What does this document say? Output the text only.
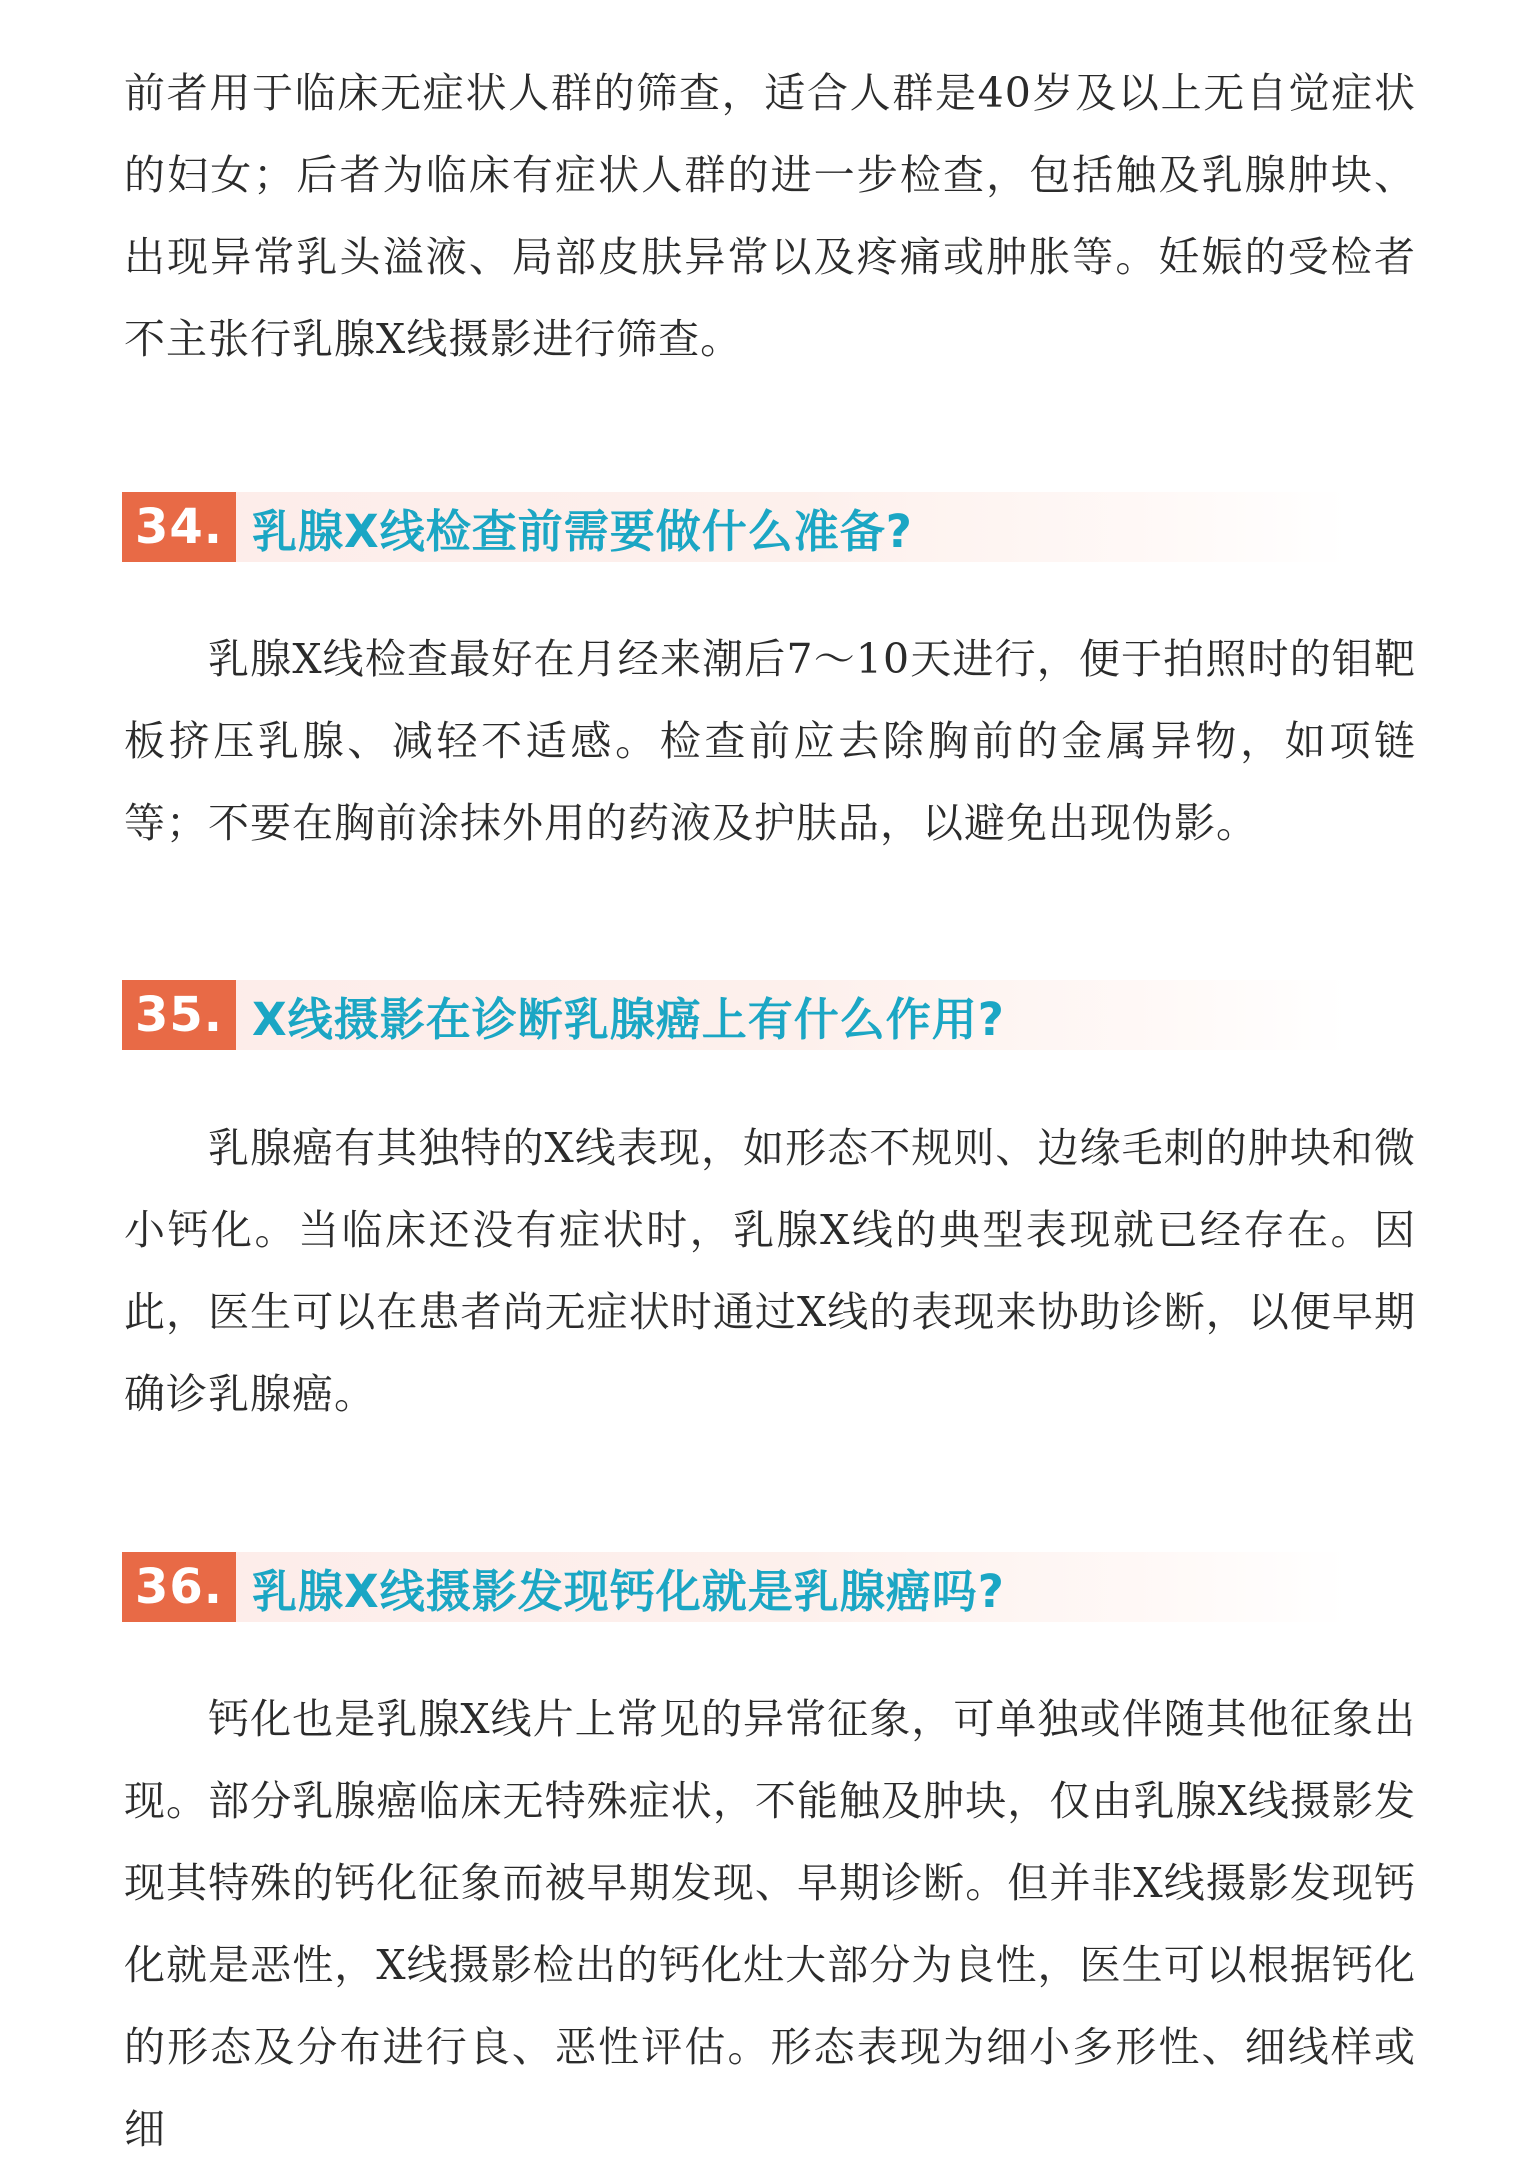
前者用于临床无症状人群的筛查，适合人群是40岁及以上无自觉症状的妇女；后者为临床有症状人群的进一步检查，包括触及乳腺肿块、出现异常乳头溢液、局部皮肤异常以及疼痛或肿胀等。妊娠的受检者不主张行乳腺X线摄影进行筛查。

34. 乳腺X线检查前需要做什么准备?

乳腺X线检查最好在月经来潮后7～10天进行，便于拍照时的钼靶板挤压乳腺、减轻不适感。检查前应去除胸前的金属异物，如项链等；不要在胸前涂抹外用的药液及护肤品，以避免出现伪影。

35. X线摄影在诊断乳腺癌上有什么作用?

乳腺癌有其独特的X线表现，如形态不规则、边缘毛刺的肿块和微小钙化。当临床还没有症状时，乳腺X线的典型表现就已经存在。因此，医生可以在患者尚无症状时通过X线的表现来协助诊断，以便早期确诊乳腺癌。

36. 乳腺X线摄影发现钙化就是乳腺癌吗?

钙化也是乳腺X线片上常见的异常征象，可单独或伴随其他征象出现。部分乳腺癌临床无特殊症状，不能触及肿块，仅由乳腺X线摄影发现其特殊的钙化征象而被早期发现、早期诊断。但并非X线摄影发现钙化就是恶性，X线摄影检出的钙化灶大部分为良性，医生可以根据钙化的形态及分布进行良、恶性评估。形态表现为细小多形性、细线样或细
